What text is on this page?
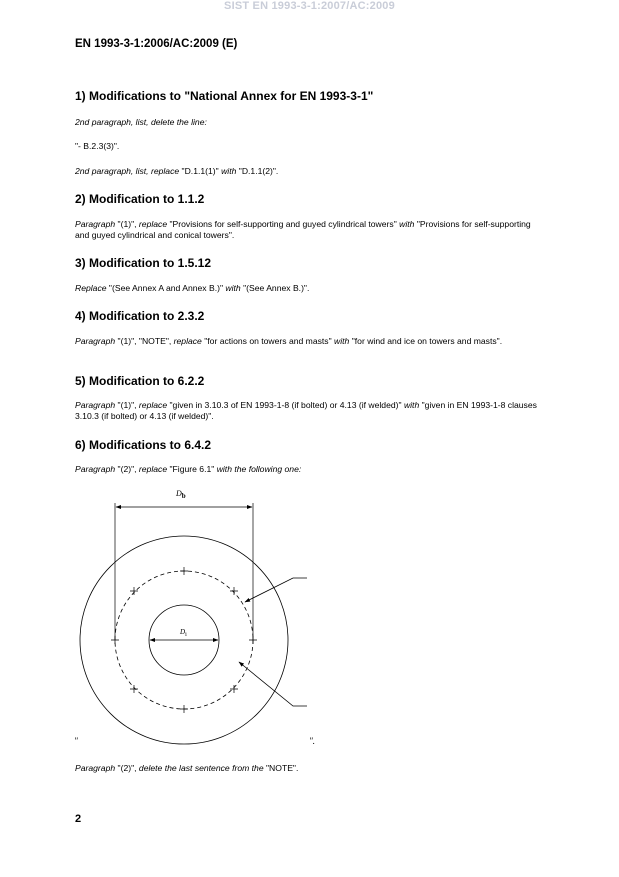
SIST EN 1993-3-1:2007/AC:2009
EN 1993-3-1:2006/AC:2009 (E)
1) Modifications to "National Annex for EN 1993-3-1"
2nd paragraph, list, delete the line:
"- B.2.3(3)".
2nd paragraph, list, replace "D.1.1(1)" with "D.1.1(2)".
2) Modification to 1.1.2
Paragraph "(1)", replace "Provisions for self-supporting and guyed cylindrical towers" with "Provisions for self-supporting and guyed cylindrical and conical towers".
3) Modification to 1.5.12
Replace "(See Annex A and Annex B.)" with "(See Annex B.)".
4) Modification to 2.3.2
Paragraph "(1)", "NOTE", replace "for actions on towers and masts" with "for wind and ice on towers and masts".
5) Modification to 6.2.2
Paragraph "(1)", replace "given in 3.10.3 of EN 1993-1-8 (if bolted) or 4.13 (if welded)" with "given in EN 1993-1-8 clauses 3.10.3 (if bolted) or 4.13 (if welded)".
6) Modifications to 6.4.2
Paragraph "(2)", replace "Figure 6.1" with the following one:
Db
Di
"	".
Paragraph "(2)", delete the last sentence from the "NOTE".
2
